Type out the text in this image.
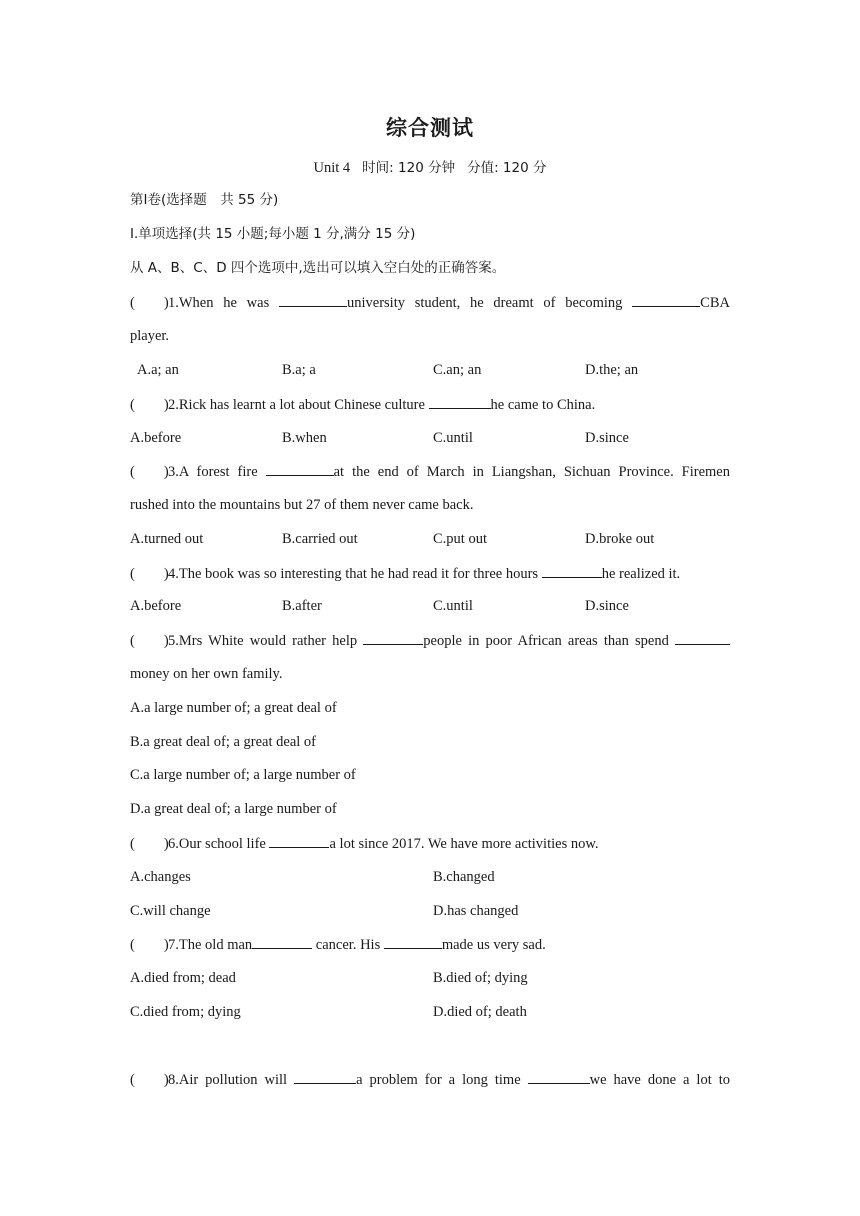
综合测试
Unit 4 时间: 120 分钟 分值: 120 分
第Ⅰ卷(选择题　共 55 分)
Ⅰ.单项选择(共 15 小题;每小题 1 分,满分 15 分)
从 A、B、C、D 四个选项中,选出可以填入空白处的正确答案。
(　　)1.When he was	university student, he dreamt of becoming	CBA
player.
A.a; an	B.a; a	C.an; an	D.the; an
(　　)2.Rick has learnt a lot about Chinese culture	he came to China.
A.before	B.when	C.until	D.since
(　　)3.A forest fire	at the end of March in Liangshan, Sichuan Province. Firemen
rushed into the mountains but 27 of them never came back.
A.turned out	B.carried out	C.put out	D.broke out
(　　)4.The book was so interesting that he had read it for three hours	he realized it.
A.before	B.after	C.until	D.since
(　　)5.Mrs White would rather help	people in poor African areas than spend
money on her own family.
A.a large number of; a great deal of
B.a great deal of; a great deal of
C.a large number of; a large number of
D.a great deal of; a large number of
(　　)6.Our school life	a lot since 2017. We have more activities now.
A.changes	B.changed
C.will change	D.has changed
(　　)7.The old man	cancer. His	made us very sad.
A.died from; dead	B.died of; dying
C.died from; dying	D.died of; death
(　　)8.Air pollution will	a problem for a long time	we have done a lot to
